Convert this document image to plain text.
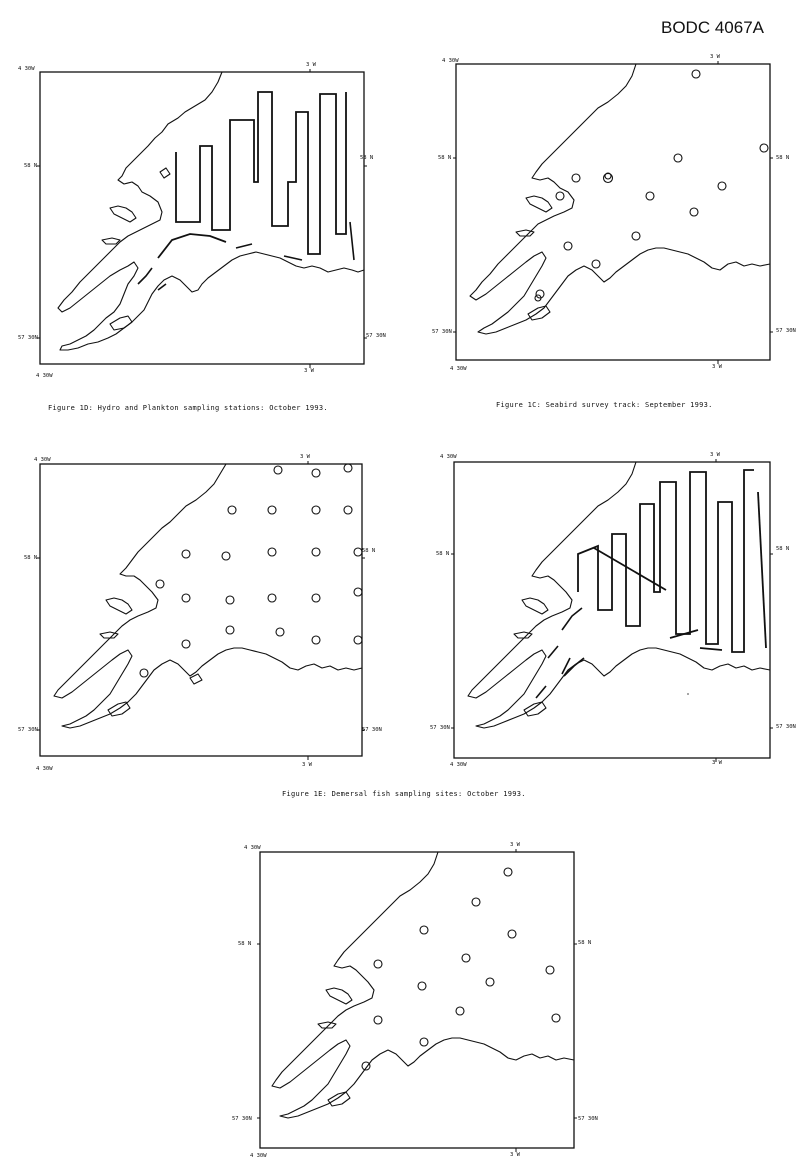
BODC 4067A
4 30W
3 W
58 N
58 N
57 30N	57 30N
4 30W
3 W
Figure 1D: Hydro and Plankton sampling stations: October 1993.
4 30W
3 W
58 N	58 N
57 30N	57 30N
4 30W	3 W
Figure 1C: Seabird survey track: September 1993.
4 30W	3 W
58 N
58 N
57 30N	57 30N
4 30W
3 W
4 30W	3 W
58 N
58 N
57 30N	57 30N
4 30W	3 W
Figure 1E: Demersal fish sampling sites: October 1993.
4 30W	3 W
58 N	58 N
57 30N	57 30N
4 30W	3 W
